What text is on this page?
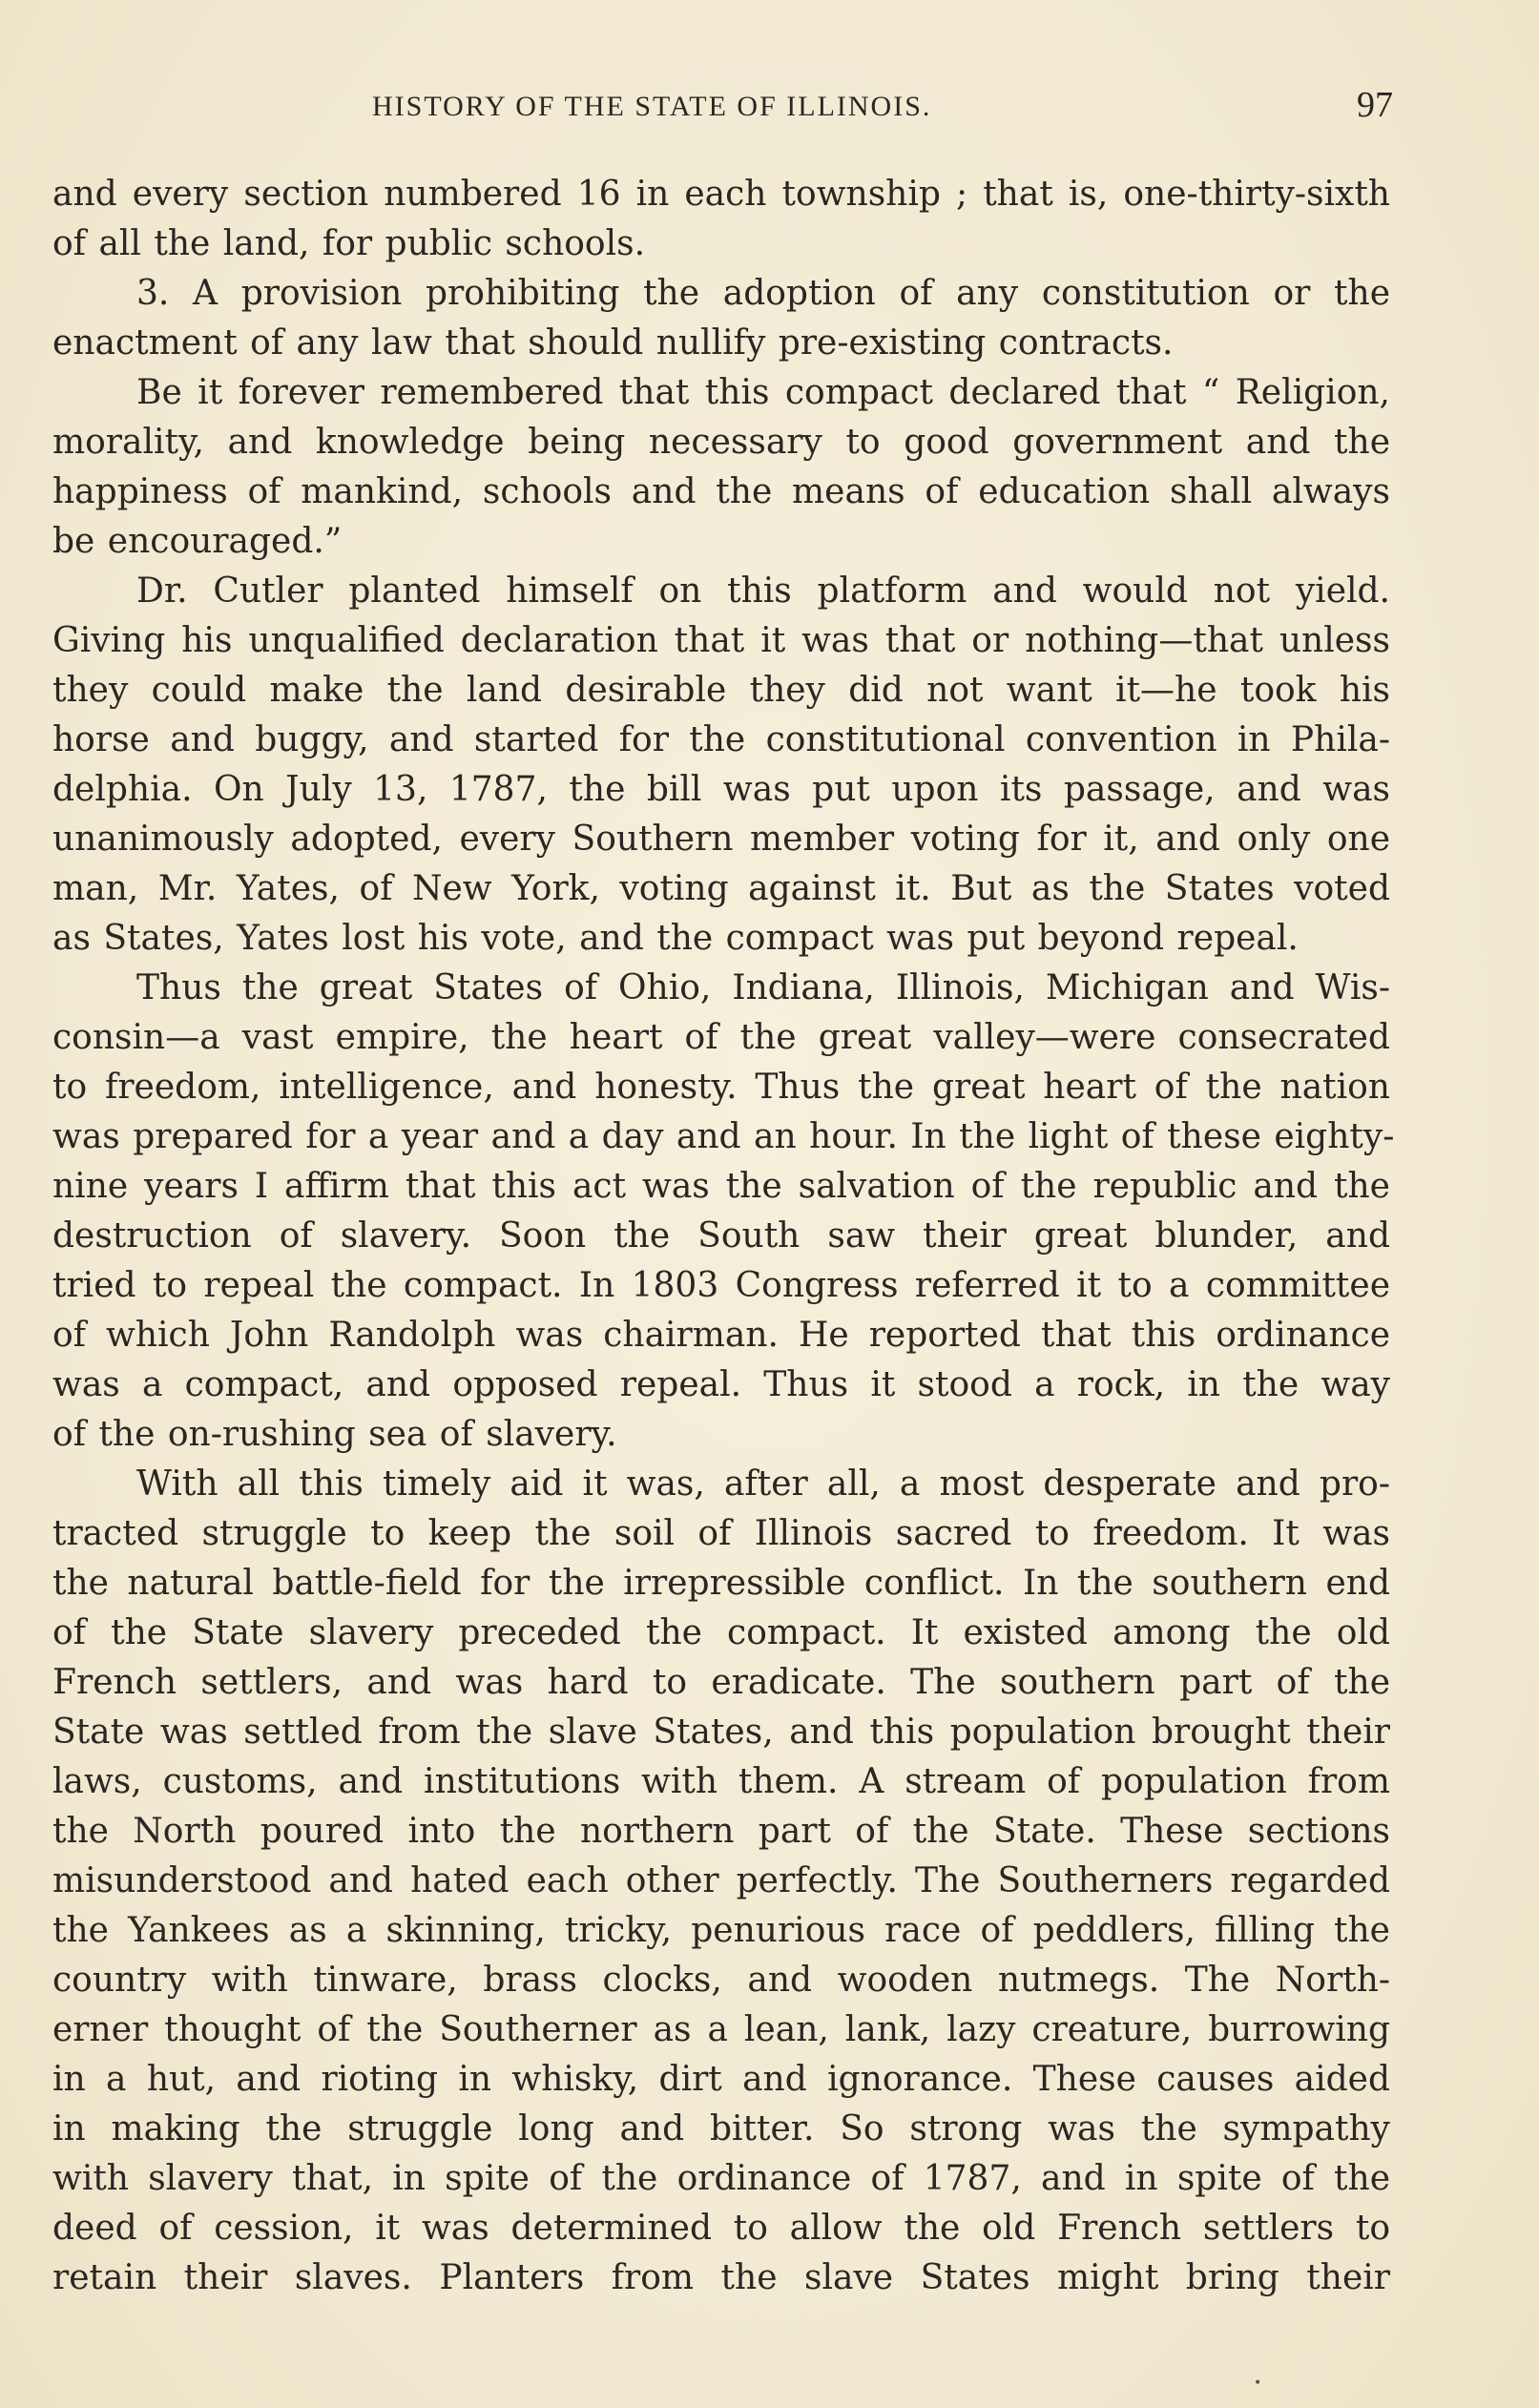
HISTORY OF THE STATE OF ILLINOIS.	97
and every section numbered 16 in each township ; that is, one-thirty-sixth
of all the land, for public schools.
3. A provision prohibiting the adoption of any constitution or the
enactment of any law that should nullify pre-existing contracts.
Be it forever remembered that this compact declared that “ Religion,
morality, and knowledge being necessary to good government and the
happiness of mankind, schools and the means of education shall always
be encouraged.”
Dr. Cutler planted himself on this platform and would not yield.
Giving his unqualified declaration that it was that or nothing—that unless
they could make the land desirable they did not want it—he took his
horse and buggy, and started for the constitutional convention in Phila-
delphia. On July 13, 1787, the bill was put upon its passage, and was
unanimously adopted, every Southern member voting for it, and only one
man, Mr. Yates, of New York, voting against it. But as the States voted
as States, Yates lost his vote, and the compact was put beyond repeal.
Thus the great States of Ohio, Indiana, Illinois, Michigan and Wis-
consin—a vast empire, the heart of the great valley—were consecrated
to freedom, intelligence, and honesty. Thus the great heart of the nation
was prepared for a year and a day and an hour. In the light of these eighty-
nine years I affirm that this act was the salvation of the republic and the
destruction of slavery. Soon the South saw their great blunder, and
tried to repeal the compact. In 1803 Congress referred it to a committee
of which John Randolph was chairman. He reported that this ordinance
was a compact, and opposed repeal. Thus it stood a rock, in the way
of the on-rushing sea of slavery.
With all this timely aid it was, after all, a most desperate and pro-
tracted struggle to keep the soil of Illinois sacred to freedom. It was
the natural battle-field for the irrepressible conflict. In the southern end
of the State slavery preceded the compact. It existed among the old
French settlers, and was hard to eradicate. The southern part of the
State was settled from the slave States, and this population brought their
laws, customs, and institutions with them. A stream of population from
the North poured into the northern part of the State. These sections
misunderstood and hated each other perfectly. The Southerners regarded
the Yankees as a skinning, tricky, penurious race of peddlers, filling the
country with tinware, brass clocks, and wooden nutmegs. The North-
erner thought of the Southerner as a lean, lank, lazy creature, burrowing
in a hut, and rioting in whisky, dirt and ignorance. These causes aided
in making the struggle long and bitter. So strong was the sympathy
with slavery that, in spite of the ordinance of 1787, and in spite of the
deed of cession, it was determined to allow the old French settlers to
retain their slaves. Planters from the slave States might bring their
•
